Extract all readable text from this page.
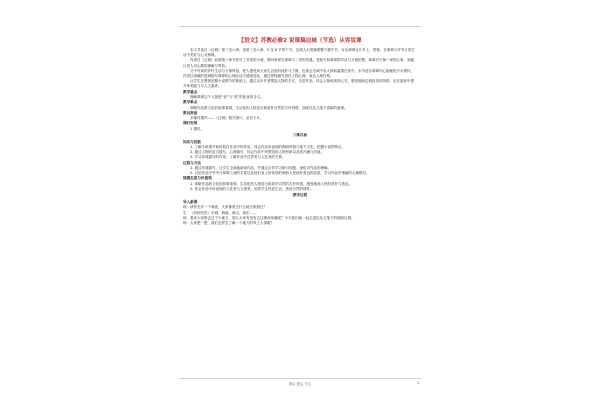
【语文】苏教必修2 说课稿边城（节选）从容说课

本文节选自《边城》第三至六章，是第三至六章，5 至 8 节等个节，边城人们采摘着整个端午节，写出翠翠这片乡土，景物，在翠翠与爷爷日常生活中美好与心灵相映。

作者在《边城》前面第三章节叙写了苏来的小城，第四章里写翠翠与二老的初遇，老船夫和翠翠的对话与互相依偎，翠翠对天保一家的心事，到渡口老人对山歌的理解与等待。

文中写到的乡村生活与人情风俗，使人感受到大家生活里的纯朴与宁静，也领会边城中有人情和温情在其中。本节选写翠翠内心隐秘的少女情怀，作者以细腻的笔调描写翠翠的心理活动与情绪变化，通过景物描写烘托人物心理，表达人物性格。

让学生在整体把握小说情节的基础上，通过认识作者塑造人物的手法，走进作品，体会人物纯美的心灵，感受湘西边城优美的风情，也在阅读中提升审美能力与人文素养。

教学重点

理解翠翠这个人物是“爱”与“美”的化身的含义。

教学难点

领略作品散文化的叙事笔调，生动化的人物语言和质朴自然的古朴风情，品味沈从文笔下清新的意境。

教具准备

多媒体课件——《边城》相关图片，录音卡片。

课时安排

1 课时。

三维目标

知识与技能

1. 了解小说情节和结构在作品中的作用，体会作品所表现的湘西风情与地方文化，把握小说的特点。

2. 通过人物的语言描写、心理描写，体会作品中所塑造的人物形象以及其内涵与价值。

3. 学习环境描写的作用，了解作品中自然美与人性美的关系。

过程与方法

1. 通过环境描写，让学生全面地阅读作品，并通过合作学习研讨问题，深化对作品的理解。

2. 讨论作品中爷爷与翠翠之间的关系以及他们身上所体现的湘西人民纯朴善良的品质，学习作品中细腻的心理描写。

情感态度与价值观

1. 领略作品散文化的叙事笔调，生动化的人物语言和质朴自然的古朴风情，感受湘西人民的淳朴与善良。

2. 体会作品中所表现的人性美与人情美，培养学生热爱生活、热爱自然的情怀。

教学过程

导入新课

师：请你先作一个调查，大家都曾去什么地方旅游过？

生：（纷纷回答）长城、海南、黄山、周庄……

师：看来大家都去过不少地方，那么大家有没有去过湘西凤凰呢？今天我们就一起走进沈从文笔下的湘西边城。

师：大家想一想，我们怎样去了解一个地方的风土人情呢？

用心 爱心 专心	1
